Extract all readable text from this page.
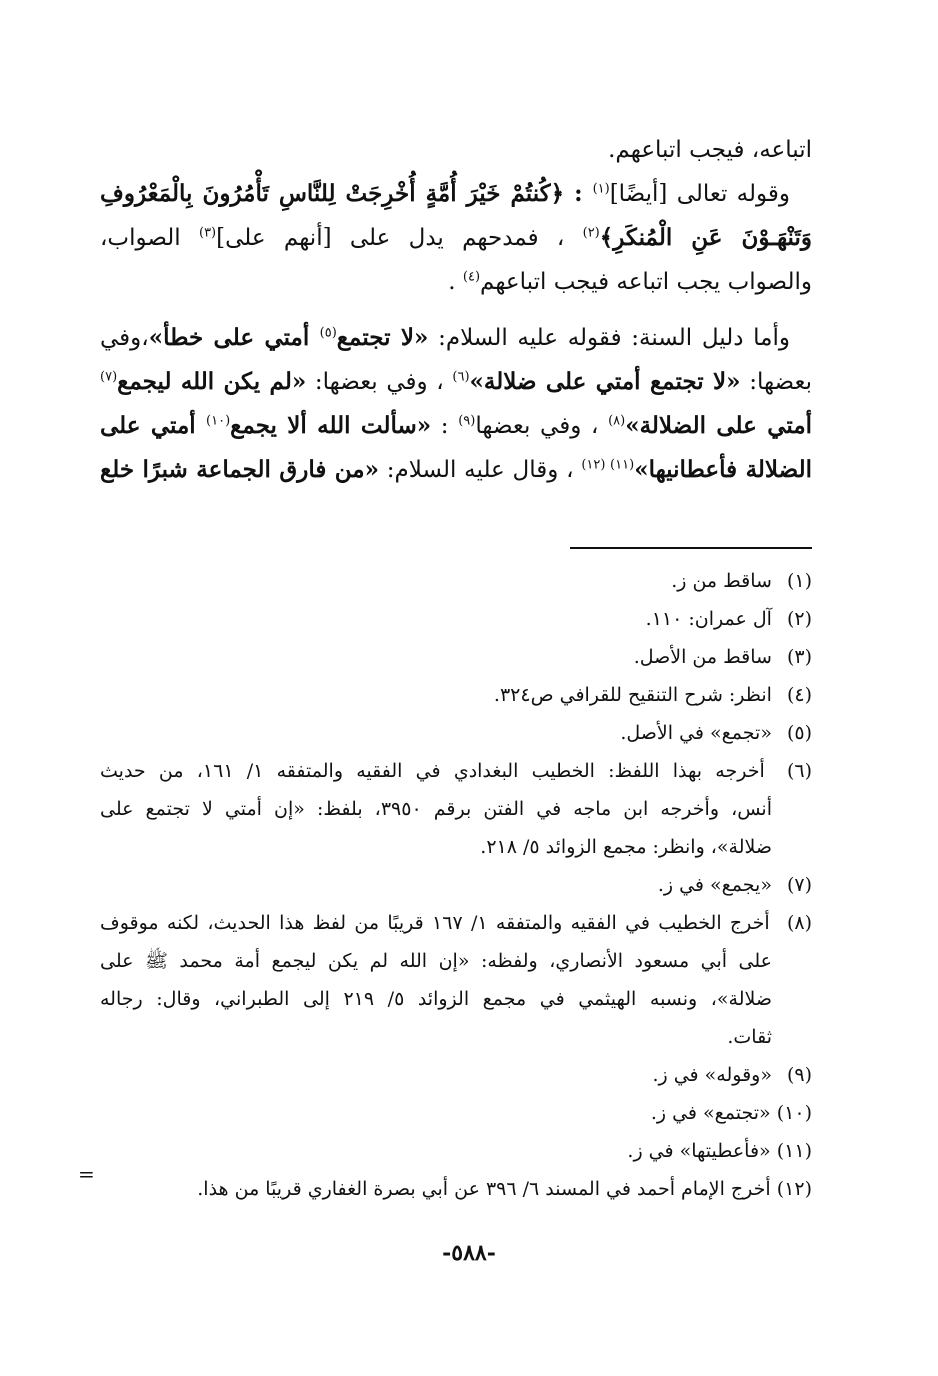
اتباعه، فيجب اتباعهم.
وقوله تعالى [أيضًا]$^{(١)}$ : ﴿كُنتُمْ خَيْرَ أُمَّةٍ أُخْرِجَتْ لِلنَّاسِ تَأْمُرُونَ بِالْمَعْرُوفِ
وَتَنْهَـوْنَ عَنِ الْمُنكَرِ﴾$^{(٢)}$ ، فمدحهم يدل على [أنهم على]$^{(٣)}$ الصواب،
والصواب يجب اتباعه فيجب اتباعهم$^{(٤)}$ .
وأما دليل السنة: فقوله عليه السلام: «لا تجتمع$^{(٥)}$ أمتي على خطأ»،وفي
بعضها: «لا تجتمع أمتي على ضلالة»$^{(٦)}$ ، وفي بعضها: «لم يكن الله ليجمع$^{(٧)}$
أمتي على الضلالة»$^{(٨)}$ ، وفي بعضها$^{(٩)}$ : «سألت الله ألا يجمع$^{(١٠)}$ أمتي على
الضلالة فأعطانيها»$^{(١١) (١٢)}$ ، وقال عليه السلام: «من فارق الجماعة شبرًا خلع
(١) ساقط من ز.
(٢) آل عمران: ١١٠.
(٣) ساقط من الأصل.
(٤) انظر: شرح التنقيح للقرافي ص٣٢٤.
(٥) «تجمع» في الأصل.
(٦) أخرجه بهذا اللفظ: الخطيب البغدادي في الفقيه والمتفقه ١/ ١٦١، من حديث
أنس، وأخرجه ابن ماجه في الفتن برقم ٣٩٥٠، بلفظ: «إن أمتي لا تجتمع على
ضلالة»، وانظر: مجمع الزوائد ٥/ ٢١٨.
(٧) «يجمع» في ز.
(٨) أخرج الخطيب في الفقيه والمتفقه ١/ ١٦٧ قريبًا من لفظ هذا الحديث، لكنه موقوف
على أبي مسعود الأنصاري، ولفظه: «إن الله لم يكن ليجمع أمة محمد ﷺ على
ضلالة»، ونسبه الهيثمي في مجمع الزوائد ٥/ ٢١٩ إلى الطبراني، وقال: رجاله
ثقات.
(٩) «وقوله» في ز.
(١٠) «تجتمع» في ز.
(١١) «فأعطيتها» في ز.
(١٢) أخرج الإمام أحمد في المسند ٦/ ٣٩٦ عن أبي بصرة الغفاري قريبًا من هذا.
=
-٥٨٨-
